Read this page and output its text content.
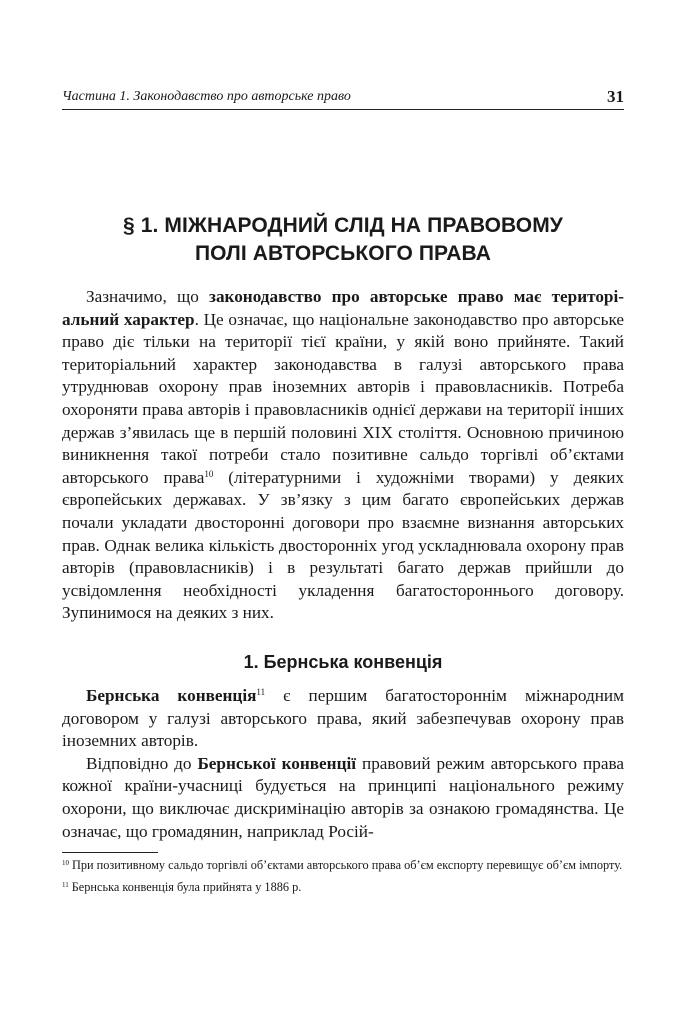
Частина 1. Законодавство про авторське право	31
§ 1. МІЖНАРОДНИЙ СЛІД НА ПРАВОВОМУ
ПОЛІ АВТОРСЬКОГО ПРАВА

Зазначимо, що законодавство про авторське право має територіальний характер. Це означає, що національне законодавство про авторське право діє тільки на території тієї країни, у якій воно прийняте. Такий територіальний характер законодавства в галузі авторського права утруднював охорону прав іноземних авторів і правовласників. Потреба охороняти права авторів і правовласників однієї держави на території інших держав з’явилась ще в першій половині XIX століття. Основною причиною виникнення такої потреби стало позитивне сальдо торгівлі об’єктами авторського права$^{10}$ (літературними і художніми творами) у деяких європейських державах. У зв’язку з цим багато європейських держав почали укладати двосторонні договори про взаємне визнання авторських прав. Однак велика кількість двосторонніх угод ускладнювала охорону прав авторів (правовласників) і в результаті багато держав прийшли до усвідомлення необхідності укладення багатостороннього договору. Зупинимося на деяких з них.

1. Бернська конвенція

Бернська конвенція$^{11}$ є першим багатостороннім міжнародним договором у галузі авторського права, який забезпечував охорону прав іноземних авторів.

Відповідно до Бернської конвенції правовий режим авторського права кожної країни-учасниці будується на принципі національного режиму охорони, що виключає дискримінацію авторів за ознакою громадянства. Це означає, що громадянин, наприклад Росій-

$^{10}$ При позитивному сальдо торгівлі об’єктами авторського права об’єм експорту перевищує об’єм імпорту.

$^{11}$ Бернська конвенція була прийнята у 1886 р.
